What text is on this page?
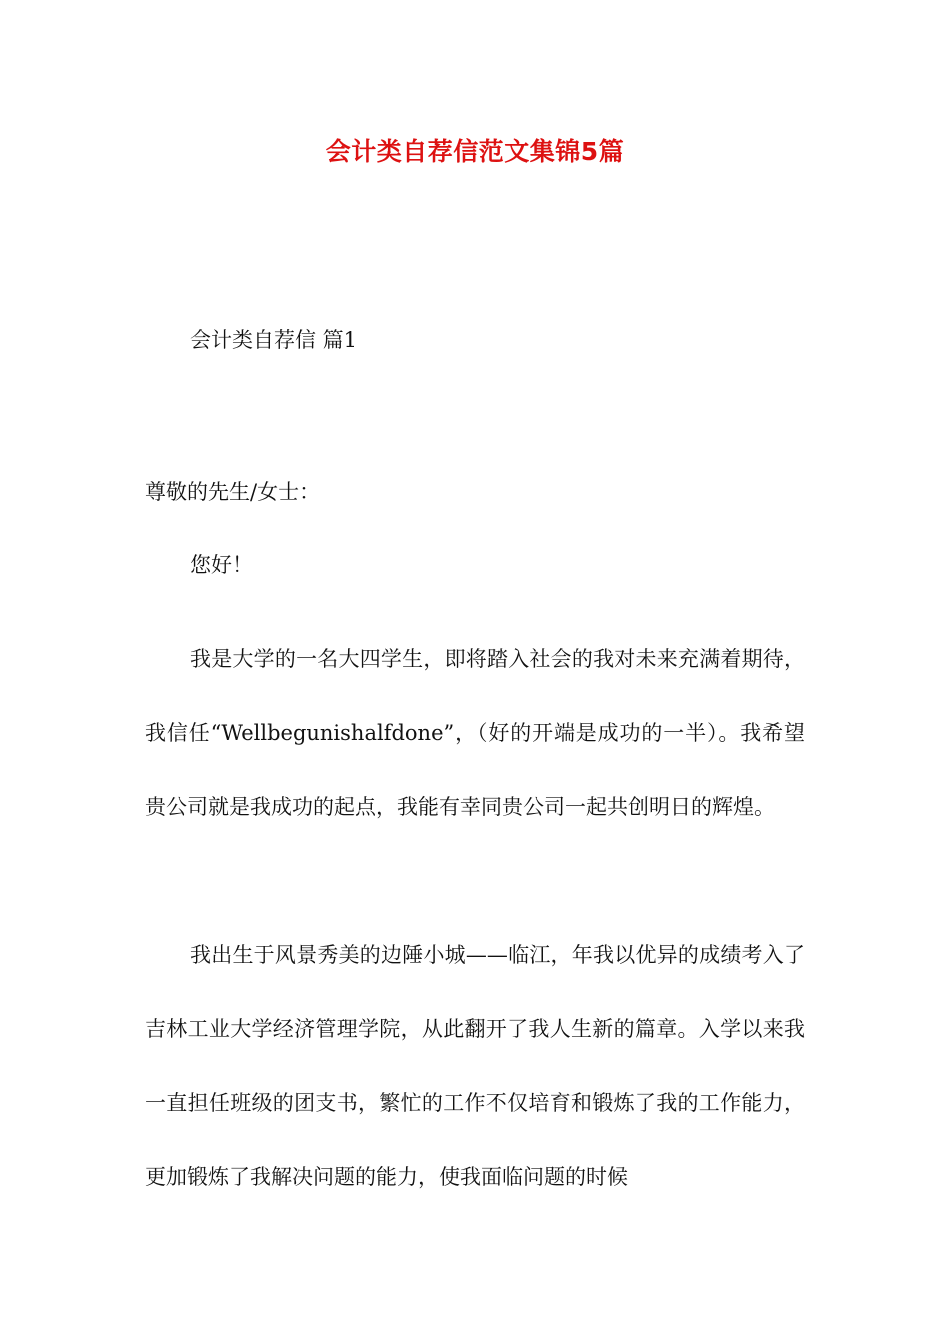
会计类自荐信范文集锦5篇
会计类自荐信 篇1
尊敬的先生/女士：
您好！

我是大学的一名大四学生，即将踏入社会的我对未来充满着期待，我信任“Wellbegunishalfdone”，（好的开端是成功的一半）。我希望贵公司就是我成功的起点，我能有幸同贵公司一起共创明日的辉煌。

我出生于风景秀美的边陲小城——临江，年我以优异的成绩考入了吉林工业大学经济管理学院，从此翻开了我人生新的篇章。入学以来我一直担任班级的团支书，繁忙的工作不仅培育和锻炼了我的工作能力，更加锻炼了我解决问题的能力，使我面临问题的时候
